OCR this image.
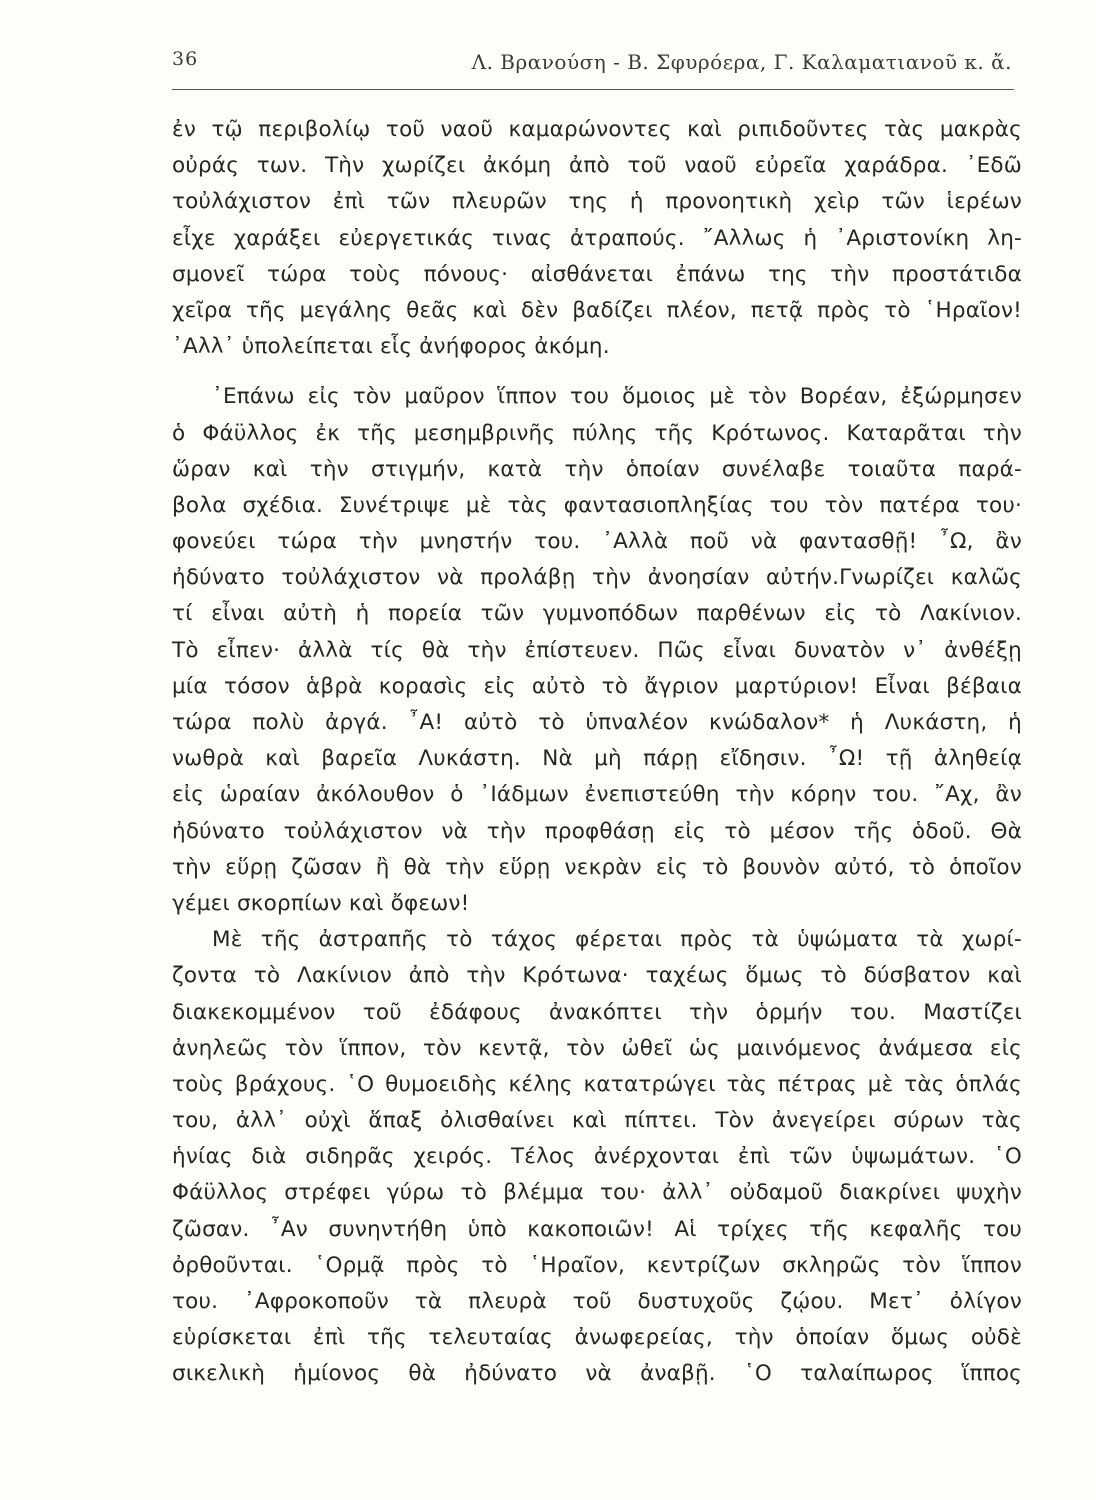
36	Λ. Βρανούση - Β. Σφυρόερα, Γ. Καλαματιανοῦ κ. ἄ.
ἐν τῷ περιβολίῳ τοῦ ναοῦ καμαρώνοντες καὶ ριπιδοῦντες τὰς μακρὰς
οὐράς των. Τὴν χωρίζει ἀκόμη ἀπὸ τοῦ ναοῦ εὐρεῖα χαράδρα. ᾿Εδῶ
τοὐλάχιστον ἐπὶ τῶν πλευρῶν της ἡ προνοητικὴ χεὶρ τῶν ἱερέων
εἶχε χαράξει εὐεργετικάς τινας ἀτραπούς. ῎Αλλως ἡ ᾿Αριστονίκη λη-
σμονεῖ τώρα τοὺς πόνους· αἰσθάνεται ἐπάνω της τὴν προστάτιδα
χεῖρα τῆς μεγάλης θεᾶς καὶ δὲν βαδίζει πλέον, πετᾷ πρὸς τὸ ῾Ηραῖον!
᾿Αλλ᾽ ὑπολείπεται εἷς ἀνήφορος ἀκόμη.
᾿Επάνω εἰς τὸν μαῦρον ἵππον του ὅμοιος μὲ τὸν Βορέαν, ἐξώρμησεν
ὁ Φάϋλλος ἐκ τῆς μεσημβρινῆς πύλης τῆς Κρότωνος. Καταρᾶται τὴν
ὥραν καὶ τὴν στιγμήν, κατὰ τὴν ὁποίαν συνέλαβε τοιαῦτα παρά-
βολα σχέδια. Συνέτριψε μὲ τὰς φαντασιοπληξίας του τὸν πατέρα του·
φονεύει τώρα τὴν μνηστήν του. ᾿Αλλὰ ποῦ νὰ φαντασθῇ! ῏Ω, ἂν
ἠδύνατο τοὐλάχιστον νὰ προλάβῃ τὴν ἀνοησίαν αὐτήν.Γνωρίζει καλῶς
τί εἶναι αὐτὴ ἡ πορεία τῶν γυμνοπόδων παρθένων εἰς τὸ Λακίνιον.
Τὸ εἶπεν· ἀλλὰ τίς θὰ τὴν ἐπίστευεν. Πῶς εἶναι δυνατὸν ν᾽ ἀνθέξῃ
μία τόσον ἁβρὰ κορασὶς εἰς αὐτὸ τὸ ἄγριον μαρτύριον! Εἶναι βέβαια
τώρα πολὺ ἀργά. ῏Α! αὐτὸ τὸ ὑπναλέον κνώδαλον* ἡ Λυκάστη, ἡ
νωθρὰ καὶ βαρεῖα Λυκάστη. Νὰ μὴ πάρῃ εἴδησιν. ῏Ω! τῇ ἀληθείᾳ
εἰς ὡραίαν ἀκόλουθον ὁ ᾿Ιάδμων ἐνεπιστεύθη τὴν κόρην του. ῎Αχ, ἂν
ἠδύνατο τοὐλάχιστον νὰ τὴν προφθάσῃ εἰς τὸ μέσον τῆς ὁδοῦ. Θὰ
τὴν εὕρῃ ζῶσαν ἢ θὰ τὴν εὕρῃ νεκρὰν εἰς τὸ βουνὸν αὐτό, τὸ ὁποῖον
γέμει σκορπίων καὶ ὄφεων!
Μὲ τῆς ἀστραπῆς τὸ τάχος φέρεται πρὸς τὰ ὑψώματα τὰ χωρί-
ζοντα τὸ Λακίνιον ἀπὸ τὴν Κρότωνα· ταχέως ὅμως τὸ δύσβατον καὶ
διακεκομμένον τοῦ ἐδάφους ἀνακόπτει τὴν ὁρμήν του. Μαστίζει
ἀνηλεῶς τὸν ἵππον, τὸν κεντᾷ, τὸν ὠθεῖ ὡς μαινόμενος ἀνάμεσα εἰς
τοὺς βράχους. ῾Ο θυμοειδὴς κέλης κατατρώγει τὰς πέτρας μὲ τὰς ὁπλάς
του, ἀλλ᾽ οὐχὶ ἅπαξ ὀλισθαίνει καὶ πίπτει. Τὸν ἀνεγείρει σύρων τὰς
ἡνίας διὰ σιδηρᾶς χειρός. Τέλος ἀνέρχονται ἐπὶ τῶν ὑψωμάτων. ῾Ο
Φάϋλλος στρέφει γύρω τὸ βλέμμα του· ἀλλ᾽ οὐδαμοῦ διακρίνει ψυχὴν
ζῶσαν. ῏Αν συνηντήθη ὑπὸ κακοποιῶν! Αἱ τρίχες τῆς κεφαλῆς του
ὀρθοῦνται. ῾Ορμᾷ πρὸς τὸ ῾Ηραῖον, κεντρίζων σκληρῶς τὸν ἵππον
του. ᾿Αφροκοποῦν τὰ πλευρὰ τοῦ δυστυχοῦς ζῴου. Μετ᾽ ὀλίγον
εὑρίσκεται ἐπὶ τῆς τελευταίας ἀνωφερείας, τὴν ὁποίαν ὅμως οὐδὲ
σικελικὴ ἡμίονος θὰ ἠδύνατο νὰ ἀναβῇ. ῾Ο ταλαίπωρος ἵππος
